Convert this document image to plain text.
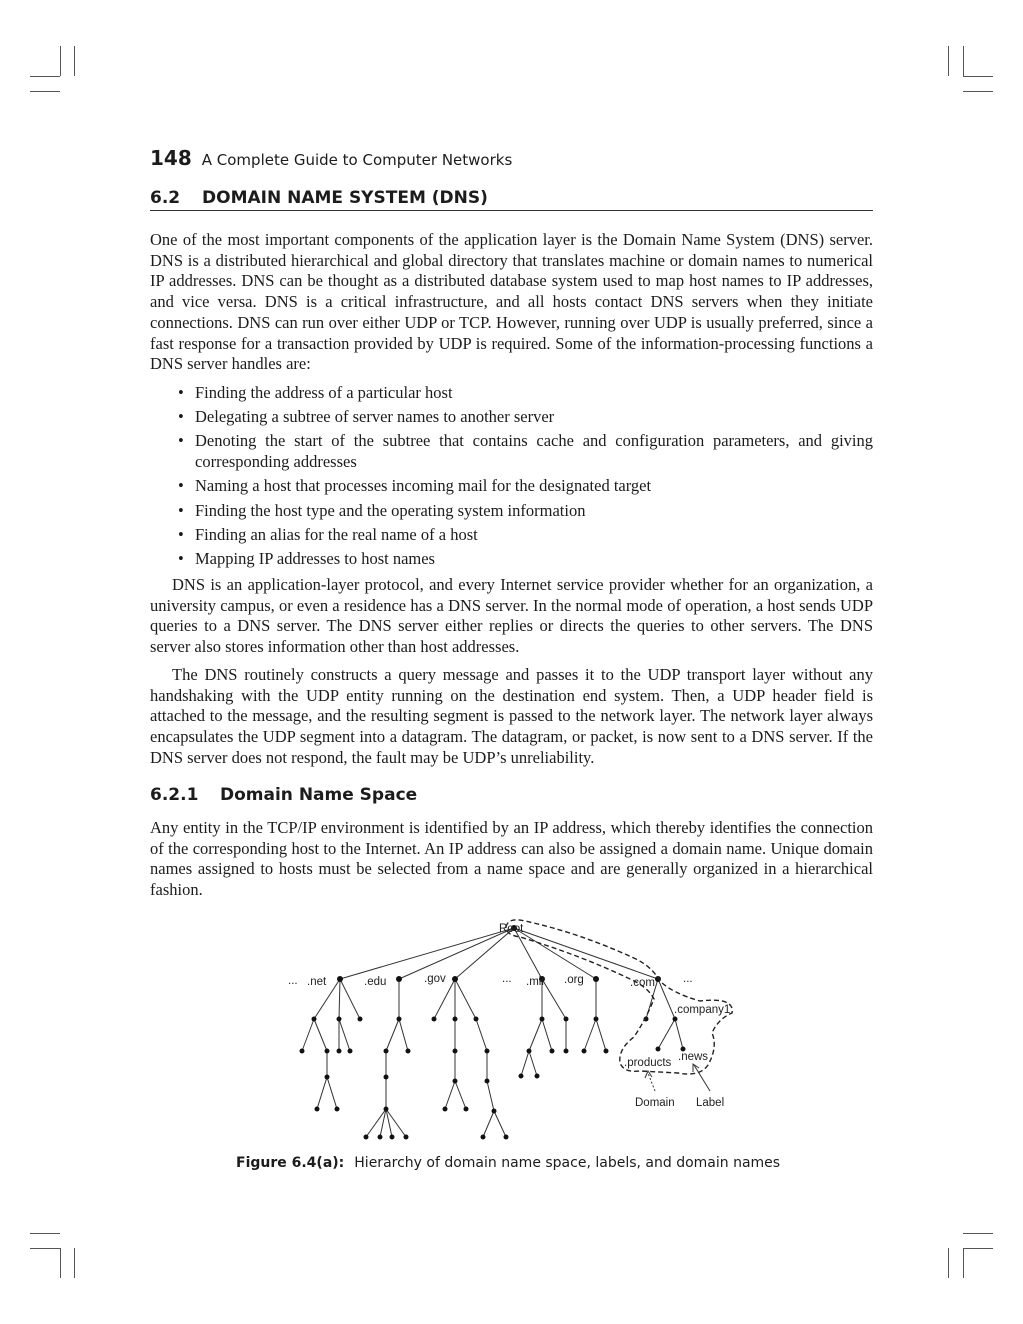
148 A Complete Guide to Computer Networks
6.2 DOMAIN NAME SYSTEM (DNS)

One of the most important components of the application layer is the Domain Name System (DNS) server. DNS is a distributed hierarchical and global directory that translates machine or domain names to numerical IP addresses. DNS can be thought as a distributed database system used to map host names to IP addresses, and vice versa. DNS is a critical infrastructure, and all hosts contact DNS servers when they initiate connections. DNS can run over either UDP or TCP. However, running over UDP is usually preferred, since a fast response for a transaction provided by UDP is required. Some of the information-processing functions a DNS server handles are:

• Finding the address of a particular host
• Delegating a subtree of server names to another server
• Denoting the start of the subtree that contains cache and configuration parameters, and giving corresponding addresses
• Naming a host that processes incoming mail for the designated target
• Finding the host type and the operating system information
• Finding an alias for the real name of a host
• Mapping IP addresses to host names

DNS is an application-layer protocol, and every Internet service provider whether for an organization, a university campus, or even a residence has a DNS server. In the normal mode of operation, a host sends UDP queries to a DNS server. The DNS server either replies or directs the queries to other servers. The DNS server also stores information other than host addresses.

The DNS routinely constructs a query message and passes it to the UDP transport layer without any handshaking with the UDP entity running on the destination end system. Then, a UDP header field is attached to the message, and the resulting segment is passed to the network layer. The network layer always encapsulates the UDP segment into a datagram. The datagram, or packet, is now sent to a DNS server. If the DNS server does not respond, the fault may be UDP’s unreliability.

6.2.1 Domain Name Space

Any entity in the TCP/IP environment is identified by an IP address, which thereby identifies the connection of the corresponding host to the Internet. An IP address can also be assigned a domain name. Unique domain names assigned to hosts must be selected from a name space and are generally organized in a hierarchical fashion.

Root
... .net	.edu	.gov	... .mil .org	.com ...
.company1
.products .news
Domain Label
Figure 6.4(a): Hierarchy of domain name space, labels, and domain names
